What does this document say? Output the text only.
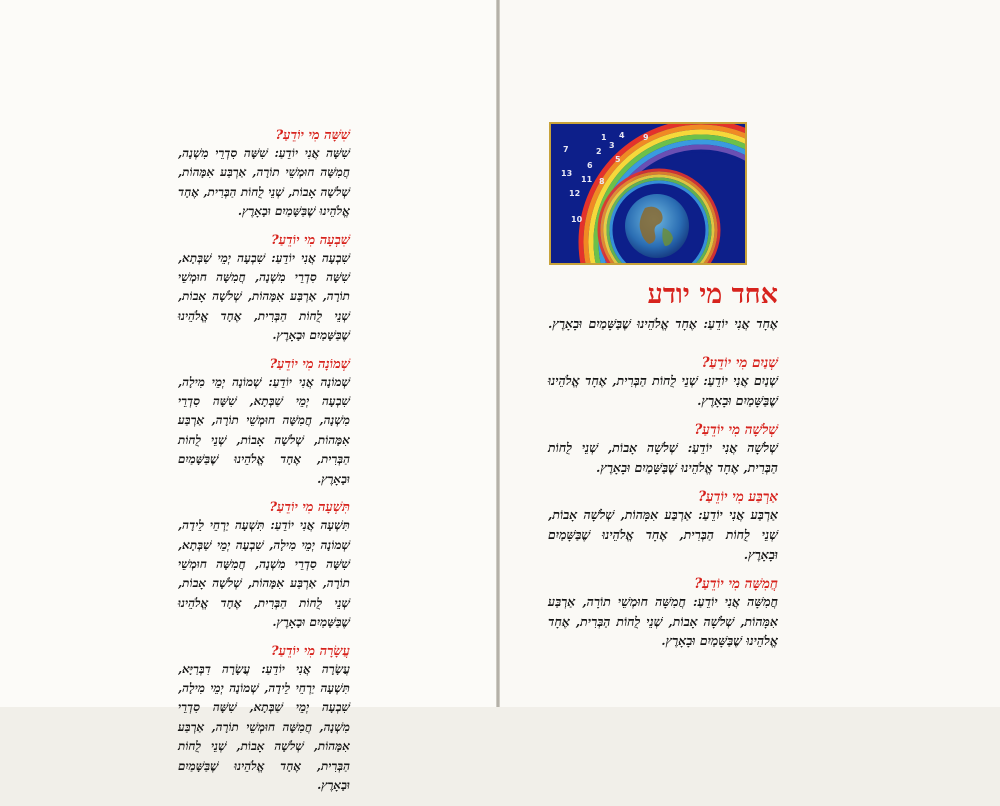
שִׁשָּׁה מִי יוֹדֵעַ?
שִׁשָּׁה אֲנִי יוֹדֵעַ: שִׁשָּׁה סִדְרֵי מִשְׁנָה, חֲמִשָּׁה חוּמְשֵׁי תוֹרָה, אַרְבַּע אִמָּהוֹת, שְׁלֹשָׁה אָבוֹת, שְׁנֵי לֻחוֹת הַבְּרִית, אֶחָד אֱלֹהֵינוּ שֶׁבַּשָּׁמַיִם וּבָאָרֶץ.
שִׁבְעָה מִי יוֹדֵעַ?
שִׁבְעָה אֲנִי יוֹדֵעַ: שִׁבְעָה יְמֵי שַׁבְּתָא, שִׁשָּׁה סִדְרֵי מִשְׁנָה, חֲמִשָּׁה חוּמְשֵׁי תוֹרָה, אַרְבַּע אִמָּהוֹת, שְׁלֹשָׁה אָבוֹת, שְׁנֵי לֻחוֹת הַבְּרִית, אֶחָד אֱלֹהֵינוּ שֶׁבַּשָּׁמַיִם וּבָאָרֶץ.
שְׁמוֹנָה מִי יוֹדֵעַ?
שְׁמוֹנָה אֲנִי יוֹדֵעַ: שְׁמוֹנָה יְמֵי מִילָה, שִׁבְעָה יְמֵי שַׁבְּתָא, שִׁשָּׁה סִדְרֵי מִשְׁנָה, חֲמִשָּׁה חוּמְשֵׁי תוֹרָה, אַרְבַּע אִמָּהוֹת, שְׁלֹשָׁה אָבוֹת, שְׁנֵי לֻחוֹת הַבְּרִית, אֶחָד אֱלֹהֵינוּ שֶׁבַּשָּׁמַיִם וּבָאָרֶץ.
תִּשְׁעָה מִי יוֹדֵעַ?
תִּשְׁעָה אֲנִי יוֹדֵעַ: תִּשְׁעָה יַרְחֵי לֵידָה, שְׁמוֹנָה יְמֵי מִילָה, שִׁבְעָה יְמֵי שַׁבְּתָא, שִׁשָּׁה סִדְרֵי מִשְׁנָה, חֲמִשָּׁה חוּמְשֵׁי תוֹרָה, אַרְבַּע אִמָּהוֹת, שְׁלֹשָׁה אָבוֹת, שְׁנֵי לֻחוֹת הַבְּרִית, אֶחָד אֱלֹהֵינוּ שֶׁבַּשָּׁמַיִם וּבָאָרֶץ.
עֲשָׂרָה מִי יוֹדֵעַ?
עֲשָׂרָה אֲנִי יוֹדֵעַ: עֲשָׂרָה דִבְּרַיָּא, תִּשְׁעָה יַרְחֵי לֵידָה, שְׁמוֹנָה יְמֵי מִילָה, שִׁבְעָה יְמֵי שַׁבְּתָא, שִׁשָּׁה סִדְרֵי מִשְׁנָה, חֲמִשָּׁה חוּמְשֵׁי תוֹרָה, אַרְבַּע אִמָּהוֹת, שְׁלֹשָׁה אָבוֹת, שְׁנֵי לֻחוֹת הַבְּרִית, אֶחָד אֱלֹהֵינוּ שֶׁבַּשָּׁמַיִם וּבָאָרֶץ.
1
2
3
4
5
6
7
8
9
10
11
12
13
אחד מי יודע
אֶחָד אֲנִי יוֹדֵעַ: אֶחָד אֱלֹהֵינוּ שֶׁבַּשָּׁמַיִם וּבָאָרֶץ.
שְׁנַיִם מִי יוֹדֵעַ?
שְׁנַיִם אֲנִי יוֹדֵעַ: שְׁנֵי לֻחוֹת הַבְּרִית, אֶחָד אֱלֹהֵינוּ שֶׁבַּשָּׁמַיִם וּבָאָרֶץ.
שְׁלֹשָׁה מִי יוֹדֵעַ?
שְׁלֹשָׁה אֲנִי יוֹדֵעַ: שְׁלֹשָׁה אָבוֹת, שְׁנֵי לֻחוֹת הַבְּרִית, אֶחָד אֱלֹהֵינוּ שֶׁבַּשָּׁמַיִם וּבָאָרֶץ.
אַרְבַּע מִי יוֹדֵעַ?
אַרְבַּע אֲנִי יוֹדֵעַ: אַרְבַּע אִמָּהוֹת, שְׁלֹשָׁה אָבוֹת, שְׁנֵי לֻחוֹת הַבְּרִית, אֶחָד אֱלֹהֵינוּ שֶׁבַּשָּׁמַיִם וּבָאָרֶץ.
חֲמִשָּׁה מִי יוֹדֵעַ?
חֲמִשָּׁה אֲנִי יוֹדֵעַ: חֲמִשָּׁה חוּמְשֵׁי תוֹרָה, אַרְבַּע אִמָּהוֹת, שְׁלֹשָׁה אָבוֹת, שְׁנֵי לֻחוֹת הַבְּרִית, אֶחָד אֱלֹהֵינוּ שֶׁבַּשָּׁמַיִם וּבָאָרֶץ.
